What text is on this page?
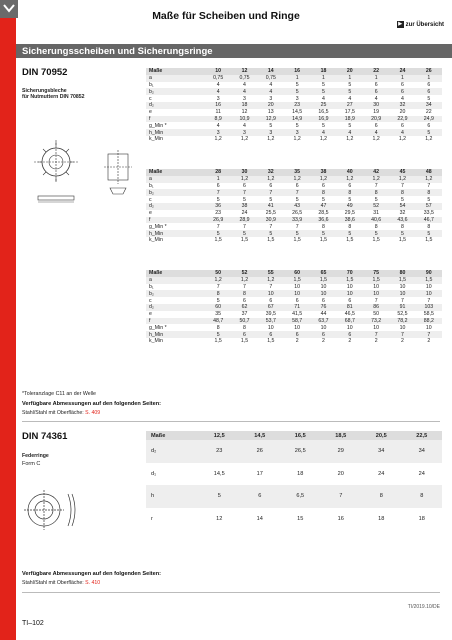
Maße für Scheiben und Ringe
▶ zur Übersicht
Sicherungsscheiben und Sicherungsringe
DIN 70952
Sicherungsbleche
für Nutmuttern DIN 70852
Maße	10	12	14	16	18	20	22	24	26
a	0,75	0,75	0,75	1	1	1	1	1	1
b₁	4	4	4	5	5	5	6	6	6
b₂	4	4	4	5	5	5	6	6	6
c	3	3	3	3	4	4	4	4	5
d₂	16	18	20	23	25	27	30	32	34
e	11	12	13	14,5	16,5	17,5	19	20	22
f	8,9	10,9	12,9	14,9	16,9	18,9	20,9	22,9	24,9
g_Min *	4	4	5	5	5	5	6	6	6
h_Min	3	3	3	3	4	4	4	4	5
k_Min	1,2	1,2	1,2	1,2	1,2	1,2	1,2	1,2	1,2
Maße	28	30	32	35	38	40	42	45	48
a	1	1,2	1,2	1,2	1,2	1,2	1,2	1,2	1,2
b₁	6	6	6	6	6	6	7	7	7
b₂	7	7	7	7	8	8	8	8	8
c	5	5	5	5	5	5	5	5	5
d₂	36	38	41	43	47	49	52	54	57
e	23	24	25,5	26,5	28,5	29,5	31	32	33,5
f	26,9	28,9	30,9	33,9	36,6	38,6	40,6	43,6	46,7
g_Min *	7	7	7	7	8	8	8	8	8
h_Min	5	5	5	5	5	5	5	5	5
k_Min	1,5	1,5	1,5	1,5	1,5	1,5	1,5	1,5	1,5
Maße	50	52	55	60	65	70	75	80	90
a	1,2	1,2	1,2	1,5	1,5	1,5	1,5	1,5	1,5
b₁	7	7	7	10	10	10	10	10	10
b₂	8	8	10	10	10	10	10	10	10
c	5	6	6	6	6	6	7	7	7
d₂	60	62	67	71	76	81	86	91	103
e	35	37	39,5	41,5	44	46,5	50	52,5	58,5
f	48,7	50,7	53,7	58,7	63,7	68,7	73,2	78,2	88,2
g_Min *	8	8	10	10	10	10	10	10	10
h_Min	5	6	6	6	6	6	7	7	7
k_Min	1,5	1,5	1,5	2	2	2	2	2	2
*Toleranzlage C11 an der Welle
Verfügbare Abmessungen auf den folgenden Seiten:
Stahl/Stahl mit Oberfläche: S. 409
DIN 74361
Federringe
Form C
Maße	12,5	14,5	16,5	18,5	20,5	22,5
d₂	23	26	26,5	29	34	34
d₁	14,5	17	18	20	24	24
h	5	6	6,5	7	8	8
r	12	14	15	16	18	18
Verfügbare Abmessungen auf den folgenden Seiten:
Stahl/Stahl mit Oberfläche: S. 410
TI/2019.10/DE
TI–102
